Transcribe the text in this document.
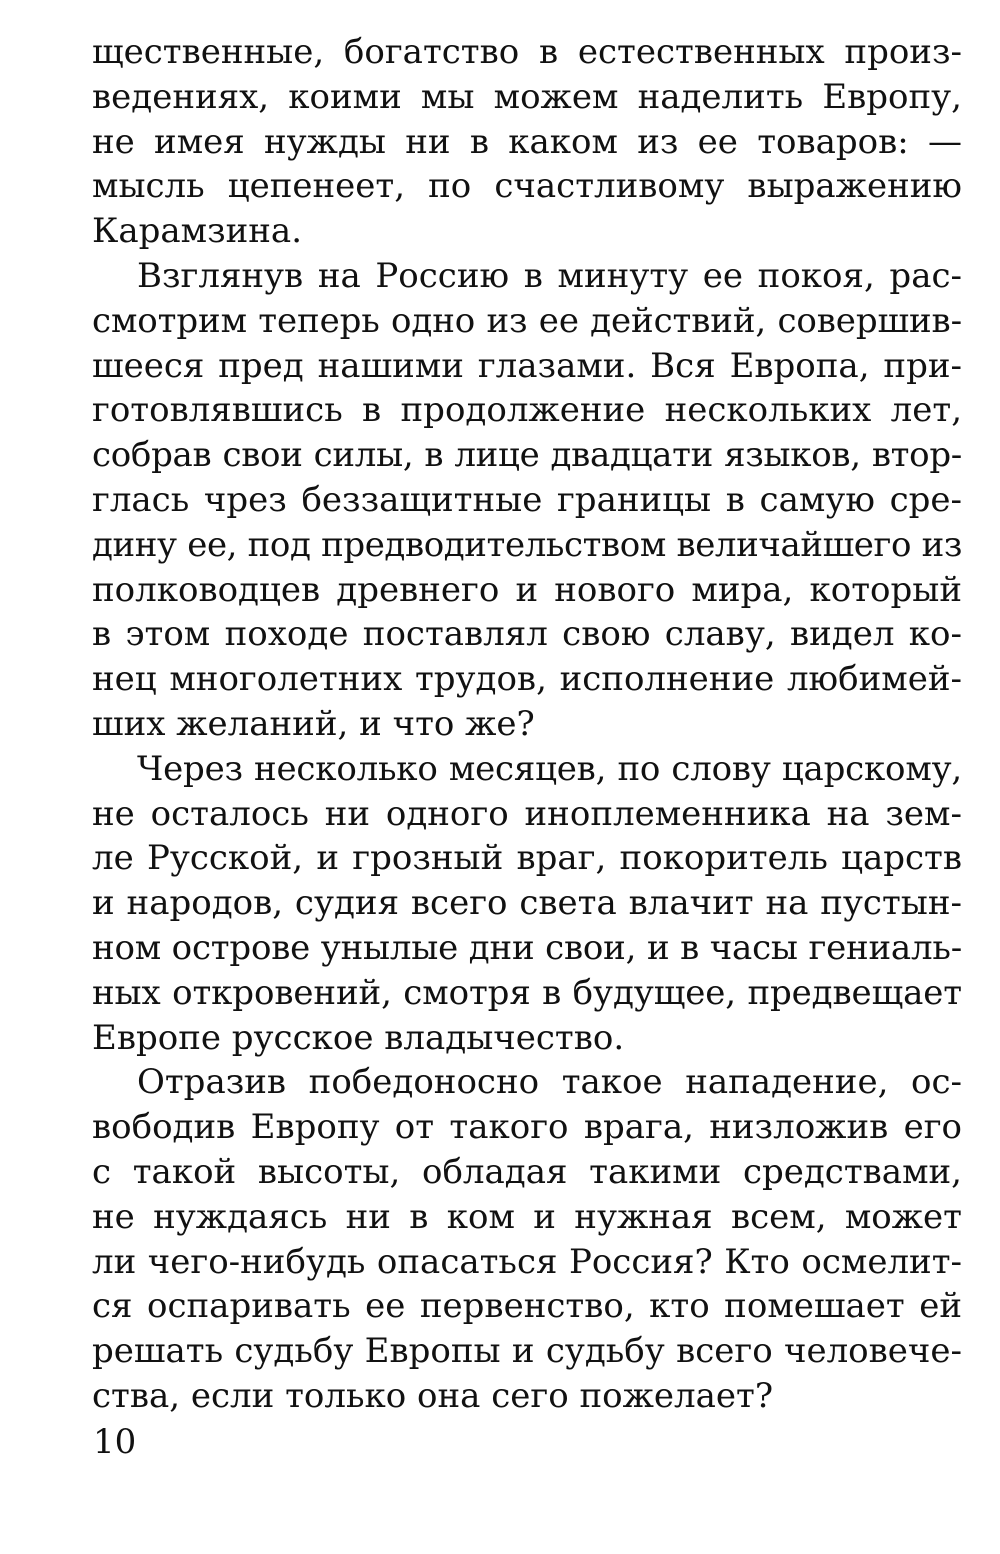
щественные, богатство в естественных произ-
ведениях, коими мы можем наделить Европу,
не имея нужды ни в каком из ее товаров: —
мысль цепенеет, по счастливому выражению
Карамзина.
Взглянув на Россию в минуту ее покоя, рас-
смотрим теперь одно из ее действий, совершив-
шееся пред нашими глазами. Вся Европа, при-
готовлявшись в продолжение нескольких лет,
собрав свои силы, в лице двадцати языков, втор-
глась чрез беззащитные границы в самую сре-
дину ее, под предводительством величайшего из
полководцев древнего и нового мира, который
в этом походе поставлял свою славу, видел ко-
нец многолетних трудов, исполнение любимей-
ших желаний, и что же?
Через несколько месяцев, по слову царскому,
не осталось ни одного иноплеменника на зем-
ле Русской, и грозный враг, покоритель царств
и народов, судия всего света влачит на пустын-
ном острове унылые дни свои, и в часы гениаль-
ных откровений, смотря в будущее, предвещает
Европе русское владычество.
Отразив победоносно такое нападение, ос-
вободив Европу от такого врага, низложив его
с такой высоты, обладая такими средствами,
не нуждаясь ни в ком и нужная всем, может
ли чего-нибудь опасаться Россия? Кто осмелит-
ся оспаривать ее первенство, кто помешает ей
решать судьбу Европы и судьбу всего человече-
ства, если только она сего пожелает?
10
